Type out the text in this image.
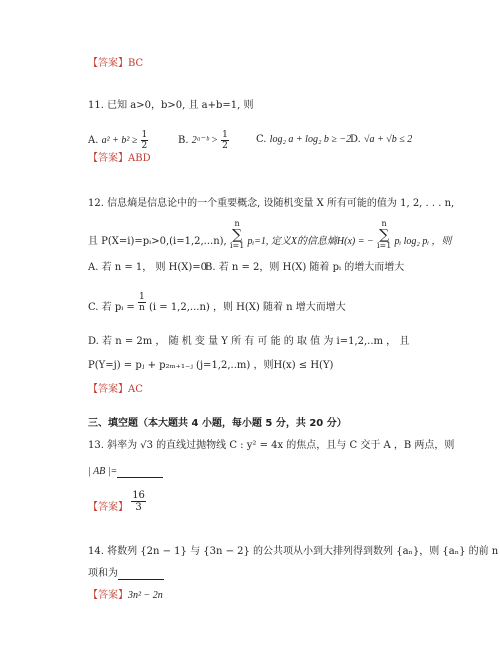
【答案】BC
11. 已知 a>0，b>0, 且 a+b=1, 则
A. $a^2 + b^2 \ge \frac{1}{2}$	B. 2ᵃ⁻ᵇ > $\frac{1}{2}$	C. log₂ a + log₂ b ≥ −2
D. √a + √b ≤ 2
【答案】ABD
12. 信息熵是信息论中的一个重要概念, 设随机变量 X 所有可能的值为 1, 2, . . . n,
且 P(X=i)=pᵢ>0,(i=1,2,...n), n
∑
i=1 pᵢ=1, 定义X的信息熵H(x) = − n
∑
i=1 pᵢ log₂ pᵢ ，则
A. 若 n = 1， 则 H(X)=0
B. 若 n = 2，则 H(X) 随着 pᵢ 的增大而增大
C. 若 pᵢ = $\frac{1}{n} (i = 1,2,...n)$ ，则 H(X) 随着 n 增大而增大
D. 若 n = 2m ， 随 机 变 量 Y 所 有 可 能 的 取 值 为 i=1,2,..m ， 且
P(Y=j) = pⱼ + p₂ₘ₊₁₋ⱼ (j=1,2,..m) ，则H(x) ≤ H(Y)
【答案】AC
三、填空题（本大题共 4 小题，每小题 5 分，共 20 分）
13. 斜率为 √3 的直线过抛物线 C : y² = 4x 的焦点，且与 C 交于 A ，B 两点，则
| AB |=
【答案】 $\frac{16}{3}$
14. 将数列 {2n − 1} 与 {3n − 2} 的公共项从小到大排列得到数列 {aₙ}，则 {aₙ} 的前 n
项和为
【答案】3n² − 2n
